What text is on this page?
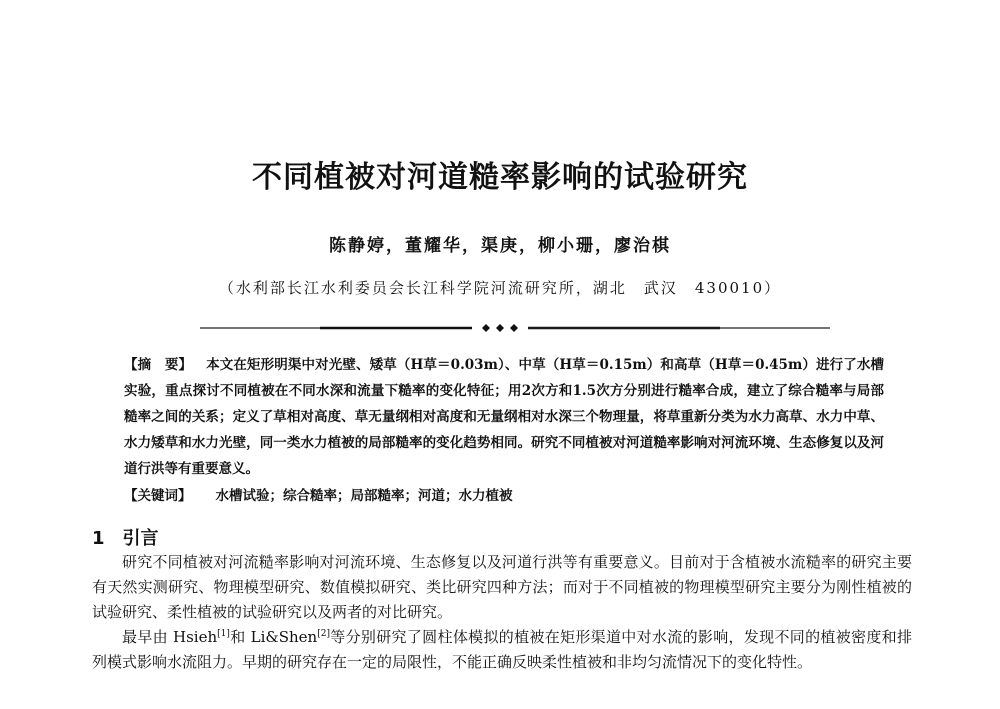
不同植被对河道糙率影响的试验研究
陈静婷，董耀华，渠庚，柳小珊，廖治棋
（水利部长江水利委员会长江科学院河流研究所，湖北　武汉　430010）
【摘　要】 本文在矩形明渠中对光壁、矮草（H草＝0.03m）、中草（H草＝0.15m）和高草（H草＝0.45m）进行了水槽实验，重点探讨不同植被在不同水深和流量下糙率的变化特征；用2次方和1.5次方分别进行糙率合成，建立了综合糙率与局部糙率之间的关系；定义了草相对高度、草无量纲相对高度和无量纲相对水深三个物理量，将草重新分类为水力高草、水力中草、水力矮草和水力光壁，同一类水力植被的局部糙率的变化趋势相同。研究不同植被对河道糙率影响对河流环境、生态修复以及河道行洪等有重要意义。
【关键词】 水槽试验；综合糙率；局部糙率；河道；水力植被
1 引言

研究不同植被对河流糙率影响对河流环境、生态修复以及河道行洪等有重要意义。目前对于含植被水流糙率的研究主要有天然实测研究、物理模型研究、数值模拟研究、类比研究四种方法；而对于不同植被的物理模型研究主要分为刚性植被的试验研究、柔性植被的试验研究以及两者的对比研究。

最早由 Hsieh[1]和 Li&Shen[2]等分别研究了圆柱体模拟的植被在矩形渠道中对水流的影响，发现不同的植被密度和排列模式影响水流阻力。早期的研究存在一定的局限性，不能正确反映柔性植被和非均匀流情况下的变化特性。
